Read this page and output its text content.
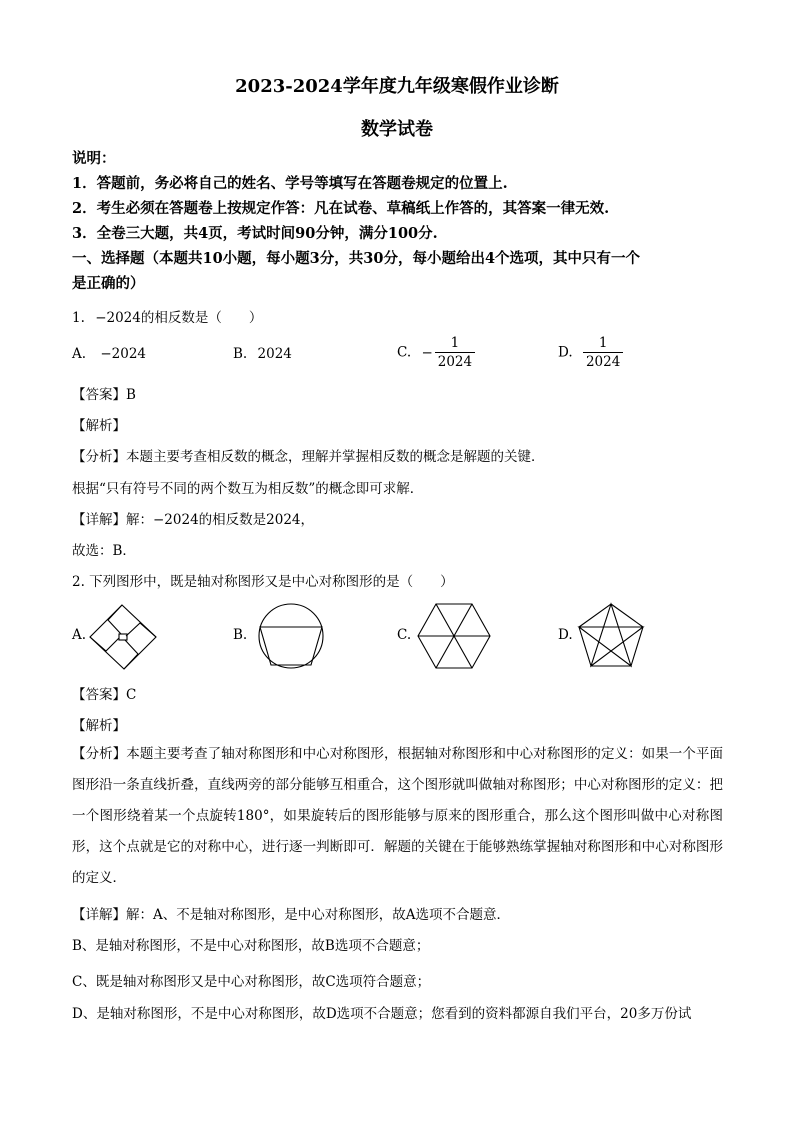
2023-2024学年度九年级寒假作业诊断
数学试卷
说明：
1．答题前，务必将自己的姓名、学号等填写在答题卷规定的位置上.
2．考生必须在答题卷上按规定作答：凡在试卷、草稿纸上作答的，其答案一律无效.
3．全卷三大题，共4页，考试时间90分钟，满分100分.
一、选择题（本题共10小题，每小题3分，共30分，每小题给出4个选项，其中只有一个
是正确的）
1. −2024的相反数是（　　）
A. −2024	B. 2024	C. − $\frac{1}{2024}$	D. $\frac{1}{2024}$
【答案】B
【解析】
【分析】本题主要考查相反数的概念，理解并掌握相反数的概念是解题的关键．
根据“只有符号不同的两个数互为相反数”的概念即可求解．
【详解】解：−2024的相反数是2024，
故选：B．
2. 下列图形中，既是轴对称图形又是中心对称图形的是（　　）
A.	B.	C.	D.
【答案】C
【解析】
【分析】本题主要考查了轴对称图形和中心对称图形，根据轴对称图形和中心对称图形的定义：如果一个平面图形沿一条直线折叠，直线两旁的部分能够互相重合，这个图形就叫做轴对称图形；中心对称图形的定义：把一个图形绕着某一个点旋转180°，如果旋转后的图形能够与原来的图形重合，那么这个图形叫做中心对称图形，这个点就是它的对称中心，进行逐一判断即可．解题的关键在于能够熟练掌握轴对称图形和中心对称图形的定义．
【详解】解：A、不是轴对称图形，是中心对称图形，故A选项不合题意．
B、是轴对称图形，不是中心对称图形，故B选项不合题意；
C、既是轴对称图形又是中心对称图形，故C选项符合题意；
D、是轴对称图形，不是中心对称图形，故D选项不合题意；您看到的资料都源自我们平台，20多万份试
